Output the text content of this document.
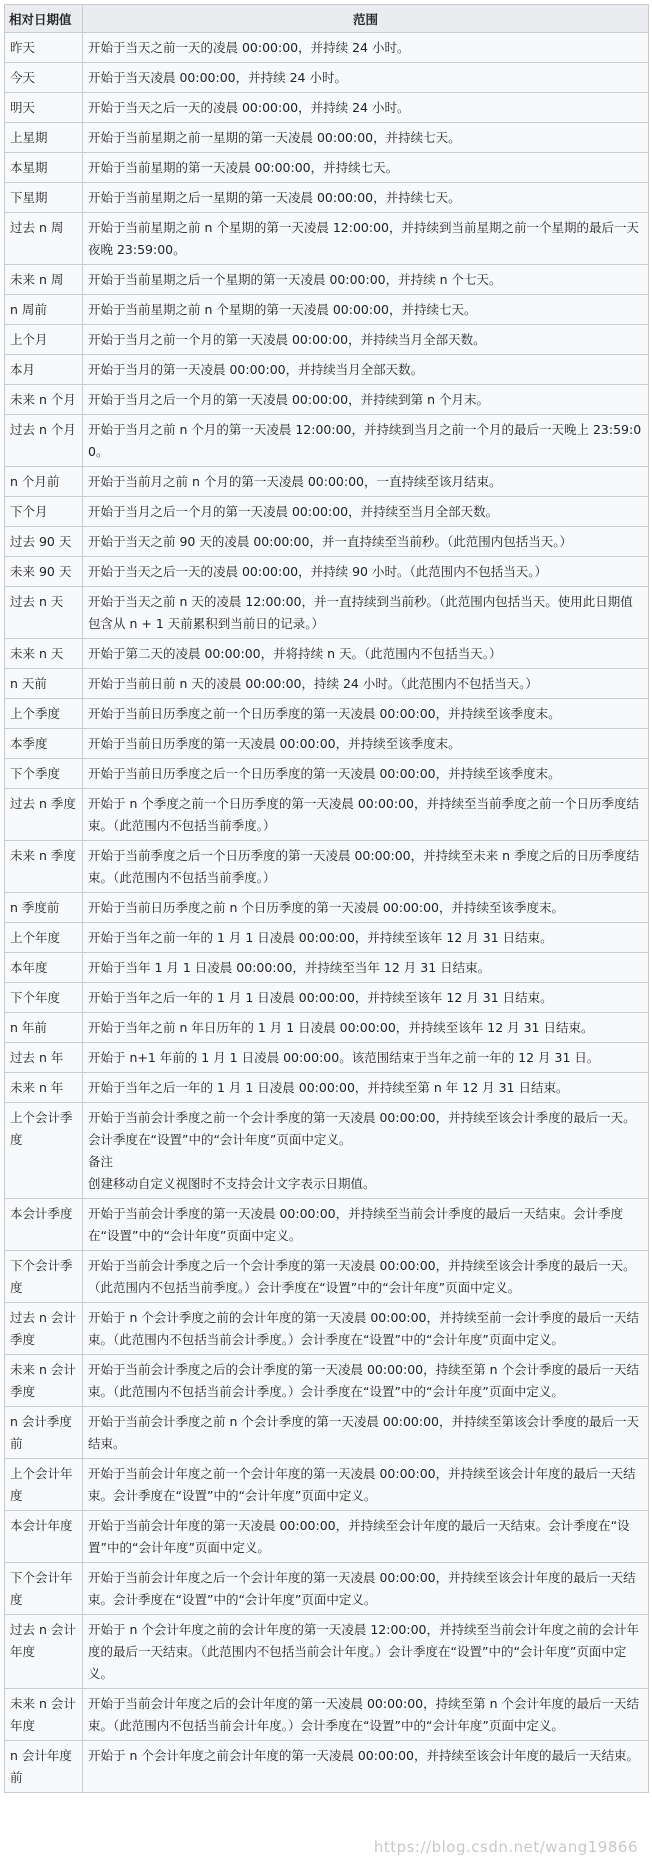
相对日期值	范围
昨天	开始于当天之前一天的凌晨 00:00:00，并持续 24 小时。

今天	开始于当天凌晨 00:00:00，并持续 24 小时。

明天	开始于当天之后一天的凌晨 00:00:00，并持续 24 小时。

上星期	开始于当前星期之前一星期的第一天凌晨 00:00:00，并持续七天。

本星期	开始于当前星期的第一天凌晨 00:00:00，并持续七天。

下星期	开始于当前星期之后一星期的第一天凌晨 00:00:00，并持续七天。

过去 n 周	开始于当前星期之前 n 个星期的第一天凌晨 12:00:00，并持续到当前星期之前一个星期的最后一天夜晚 23:59:00。

未来 n 周	开始于当前星期之后一个星期的第一天凌晨 00:00:00，并持续 n 个七天。

n 周前	开始于当前星期之前 n 个星期的第一天凌晨 00:00:00，并持续七天。

上个月	开始于当月之前一个月的第一天凌晨 00:00:00，并持续当月全部天数。

本月	开始于当月的第一天凌晨 00:00:00，并持续当月全部天数。

未来 n 个月	开始于当月之后一个月的第一天凌晨 00:00:00，并持续到第 n 个月末。

过去 n 个月	开始于当月之前 n 个月的第一天凌晨 12:00:00，并持续到当月之前一个月的最后一天晚上 23:59:00。

n 个月前	开始于当前月之前 n 个月的第一天凌晨 00:00:00，一直持续至该月结束。

下个月	开始于当月之后一个月的第一天凌晨 00:00:00，并持续至当月全部天数。

过去 90 天	开始于当天之前 90 天的凌晨 00:00:00，并一直持续至当前秒。（此范围内包括当天。）

未来 90 天	开始于当天之后一天的凌晨 00:00:00，并持续 90 小时。（此范围内不包括当天。）

过去 n 天	开始于当天之前 n 天的凌晨 12:00:00，并一直持续到当前秒。（此范围内包括当天。使用此日期值包含从 n + 1 天前累积到当前日的记录。）

未来 n 天	开始于第二天的凌晨 00:00:00，并将持续 n 天。（此范围内不包括当天。）

n 天前	开始于当前日前 n 天的凌晨 00:00:00，持续 24 小时。（此范围内不包括当天。）

上个季度	开始于当前日历季度之前一个日历季度的第一天凌晨 00:00:00，并持续至该季度末。

本季度	开始于当前日历季度的第一天凌晨 00:00:00，并持续至该季度末。

下个季度	开始于当前日历季度之后一个日历季度的第一天凌晨 00:00:00，并持续至该季度末。

过去 n 季度	开始于 n 个季度之前一个日历季度的第一天凌晨 00:00:00，并持续至当前季度之前一个日历季度结束。（此范围内不包括当前季度。）

未来 n 季度	开始于当前季度之后一个日历季度的第一天凌晨 00:00:00，并持续至未来 n 季度之后的日历季度结束。（此范围内不包括当前季度。）

n 季度前	开始于当前日历季度之前 n 个日历季度的第一天凌晨 00:00:00，并持续至该季度末。

上个年度	开始于当年之前一年的 1 月 1 日凌晨 00:00:00，并持续至该年 12 月 31 日结束。

本年度	开始于当年 1 月 1 日凌晨 00:00:00，并持续至当年 12 月 31 日结束。

下个年度	开始于当年之后一年的 1 月 1 日凌晨 00:00:00，并持续至该年 12 月 31 日结束。

n 年前	开始于当年之前 n 年日历年的 1 月 1 日凌晨 00:00:00，并持续至该年 12 月 31 日结束。

过去 n 年	开始于 n+1 年前的 1 月 1 日凌晨 00:00:00。该范围结束于当年之前一年的 12 月 31 日。

未来 n 年	开始于当年之后一年的 1 月 1 日凌晨 00:00:00，并持续至第 n 年 12 月 31 日结束。

上个会计季度	开始于当前会计季度之前一个会计季度的第一天凌晨 00:00:00，并持续至该会计季度的最后一天。会计季度在“设置”中的“会计年度”页面中定义。
备注
创建移动自定义视图时不支持会计文字表示日期值。

本会计季度	开始于当前会计季度的第一天凌晨 00:00:00，并持续至当前会计季度的最后一天结束。会计季度在“设置”中的“会计年度”页面中定义。

下个会计季度	开始于当前会计季度之后一个会计季度的第一天凌晨 00:00:00，并持续至该会计季度的最后一天。（此范围内不包括当前季度。）会计季度在“设置”中的“会计年度”页面中定义。

过去 n 会计季度	开始于 n 个会计季度之前的会计年度的第一天凌晨 00:00:00，并持续至前一会计季度的最后一天结束。（此范围内不包括当前会计季度。）会计季度在“设置”中的“会计年度”页面中定义。

未来 n 会计季度	开始于当前会计季度之后的会计季度的第一天凌晨 00:00:00，持续至第 n 个会计季度的最后一天结束。（此范围内不包括当前会计季度。）会计季度在“设置”中的“会计年度”页面中定义。

n 会计季度前	开始于当前会计季度之前 n 个会计季度的第一天凌晨 00:00:00，并持续至第该会计季度的最后一天结束。

上个会计年度	开始于当前会计年度之前一个会计年度的第一天凌晨 00:00:00，并持续至该会计年度的最后一天结束。会计季度在“设置”中的“会计年度”页面中定义。

本会计年度	开始于当前会计年度的第一天凌晨 00:00:00，并持续至会计年度的最后一天结束。会计季度在“设置”中的“会计年度”页面中定义。

下个会计年度	开始于当前会计年度之后一个会计年度的第一天凌晨 00:00:00，并持续至该会计年度的最后一天结束。会计季度在“设置”中的“会计年度”页面中定义。

过去 n 会计年度	开始于 n 个会计年度之前的会计年度的第一天凌晨 12:00:00，并持续至当前会计年度之前的会计年度的最后一天结束。（此范围内不包括当前会计年度。）会计季度在“设置”中的“会计年度”页面中定义。

未来 n 会计年度	开始于当前会计年度之后的会计年度的第一天凌晨 00:00:00，持续至第 n 个会计年度的最后一天结束。（此范围内不包括当前会计年度。）会计季度在“设置”中的“会计年度”页面中定义。

n 会计年度前	开始于 n 个会计年度之前会计年度的第一天凌晨 00:00:00，并持续至该会计年度的最后一天结束。
https://blog.csdn.net/wang19866
